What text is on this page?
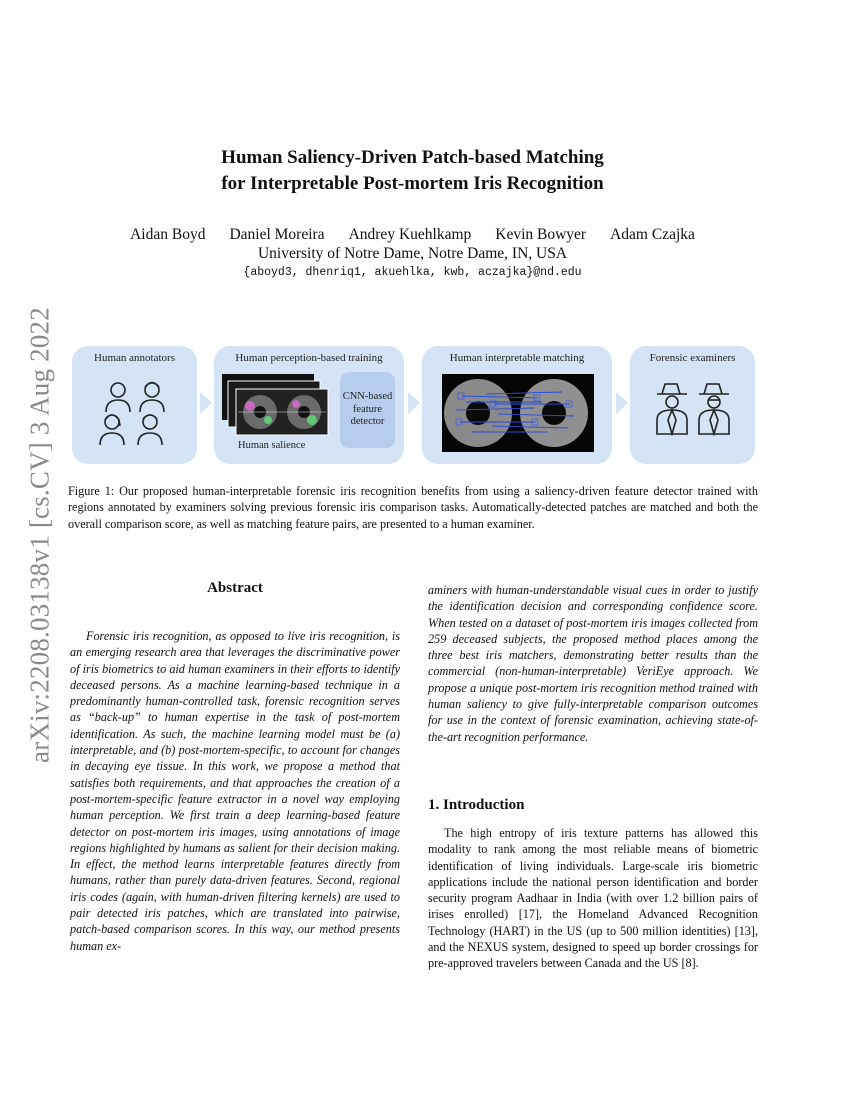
arXiv:2208.03138v1 [cs.CV] 3 Aug 2022
Human Saliency-Driven Patch-based Matching
for Interpretable Post-mortem Iris Recognition
Aidan Boyd Daniel Moreira Andrey Kuehlkamp Kevin Bowyer Adam Czajka
University of Notre Dame, Notre Dame, IN, USA
{aboyd3, dhenriq1, akuehlka, kwb, aczajka}@nd.edu
Human annotators	Human perception-based training
CNN-based feature detector
Human salience
Human interpretable matching	Forensic examiners
Figure 1: Our proposed human-interpretable forensic iris recognition benefits from using a saliency-driven feature detector trained with regions annotated by examiners solving previous forensic iris comparison tasks. Automatically-detected patches are matched and both the overall comparison score, as well as matching feature pairs, are presented to a human examiner.
Abstract

Forensic iris recognition, as opposed to live iris recognition, is an emerging research area that leverages the discriminative power of iris biometrics to aid human examiners in their efforts to identify deceased persons. As a machine learning-based technique in a predominantly human-controlled task, forensic recognition serves as “back-up” to human expertise in the task of post-mortem identification. As such, the machine learning model must be (a) interpretable, and (b) post-mortem-specific, to account for changes in decaying eye tissue. In this work, we propose a method that satisfies both requirements, and that approaches the creation of a post-mortem-specific feature extractor in a novel way employing human perception. We first train a deep learning-based feature detector on post-mortem iris images, using annotations of image regions highlighted by humans as salient for their decision making. In effect, the method learns interpretable features directly from humans, rather than purely data-driven features. Second, regional iris codes (again, with human-driven filtering kernels) are used to pair detected iris patches, which are translated into pairwise, patch-based comparison scores. In this way, our method presents human ex-

aminers with human-understandable visual cues in order to justify the identification decision and corresponding confidence score. When tested on a dataset of post-mortem iris images collected from 259 deceased subjects, the proposed method places among the three best iris matchers, demonstrating better results than the commercial (non-human-interpretable) VeriEye approach. We propose a unique post-mortem iris recognition method trained with human saliency to give fully-interpretable comparison outcomes for use in the context of forensic examination, achieving state-of-the-art recognition performance.

1. Introduction

The high entropy of iris texture patterns has allowed this modality to rank among the most reliable means of biometric identification of living individuals. Large-scale iris biometric applications include the national person identification and border security program Aadhaar in India (with over 1.2 billion pairs of irises enrolled) [17], the Homeland Advanced Recognition Technology (HART) in the US (up to 500 million identities) [13], and the NEXUS system, designed to speed up border crossings for pre-approved travelers between Canada and the US [8].
